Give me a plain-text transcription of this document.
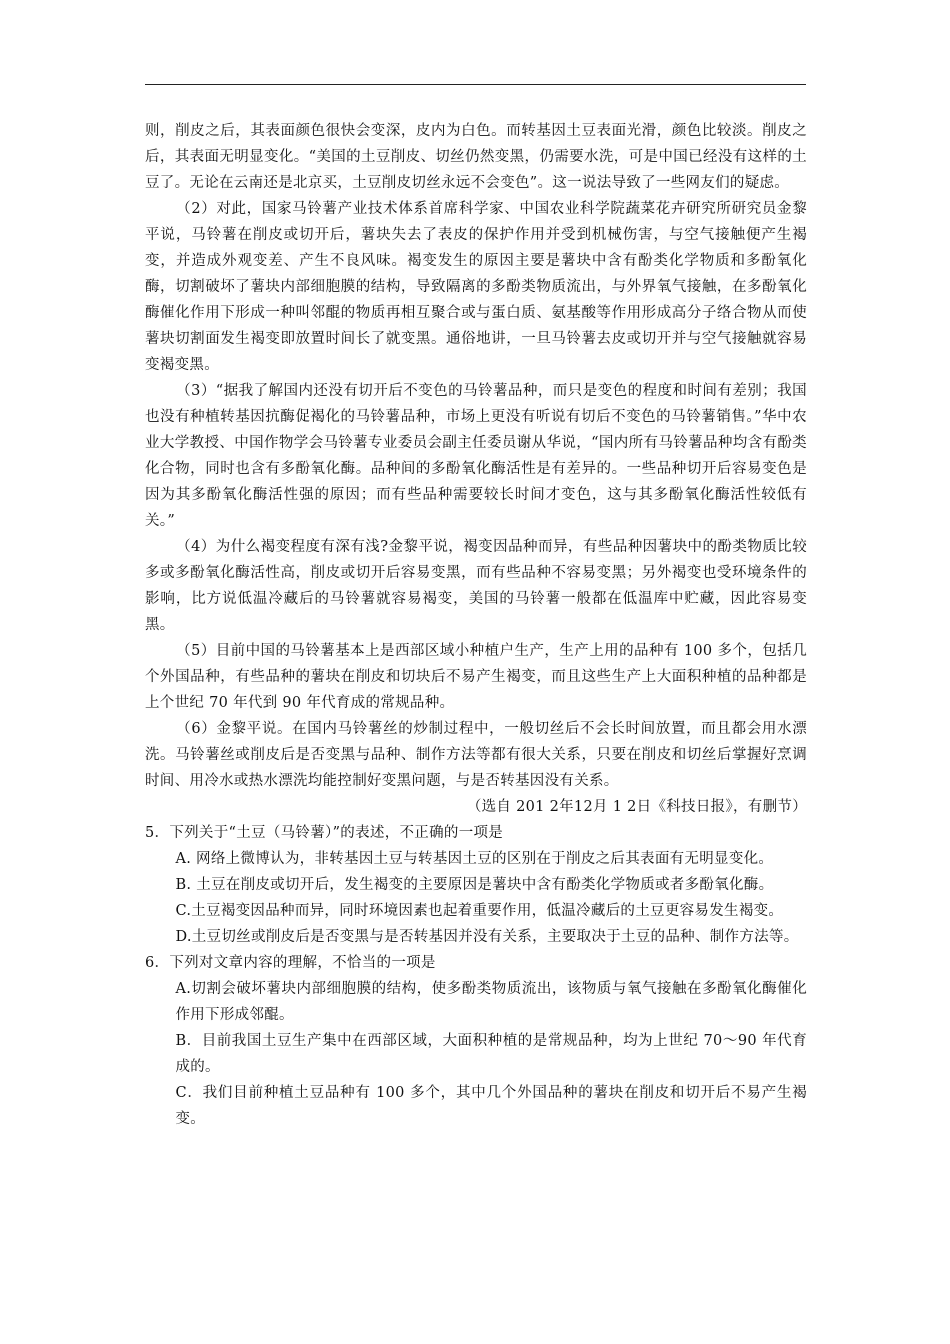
则，削皮之后，其表面颜色很快会变深，皮内为白色。而转基因土豆表面光滑，颜色比较淡。削皮之后，其表面无明显变化。“美国的土豆削皮、切丝仍然变黑，仍需要水洗，可是中国已经没有这样的土豆了。无论在云南还是北京买，土豆削皮切丝永远不会变色”。这一说法导致了一些网友们的疑虑。

（2）对此，国家马铃薯产业技术体系首席科学家、中国农业科学院蔬菜花卉研究所研究员金黎平说，马铃薯在削皮或切开后，薯块失去了表皮的保护作用并受到机械伤害，与空气接触便产生褐变，并造成外观变差、产生不良风味。褐变发生的原因主要是薯块中含有酚类化学物质和多酚氧化酶，切割破坏了薯块内部细胞膜的结构，导致隔离的多酚类物质流出，与外界氧气接触，在多酚氧化酶催化作用下形成一种叫邻醌的物质再相互聚合或与蛋白质、氨基酸等作用形成高分子络合物从而使薯块切割面发生褐变即放置时间长了就变黑。通俗地讲，一旦马铃薯去皮或切开并与空气接触就容易变褐变黑。

（3）“据我了解国内还没有切开后不变色的马铃薯品种，而只是变色的程度和时间有差别；我国也没有种植转基因抗酶促褐化的马铃薯品种，市场上更没有听说有切后不变色的马铃薯销售。”华中农业大学教授、中国作物学会马铃薯专业委员会副主任委员谢从华说，“国内所有马铃薯品种均含有酚类化合物，同时也含有多酚氧化酶。品种间的多酚氧化酶活性是有差异的。一些品种切开后容易变色是因为其多酚氧化酶活性强的原因；而有些品种需要较长时间才变色，这与其多酚氧化酶活性较低有关。”

（4）为什么褐变程度有深有浅?金黎平说，褐变因品种而异，有些品种因薯块中的酚类物质比较多或多酚氧化酶活性高，削皮或切开后容易变黑，而有些品种不容易变黑；另外褐变也受环境条件的影响，比方说低温冷藏后的马铃薯就容易褐变，美国的马铃薯一般都在低温库中贮藏，因此容易变黑。

（5）目前中国的马铃薯基本上是西部区域小种植户生产，生产上用的品种有 100 多个，包括几个外国品种，有些品种的薯块在削皮和切块后不易产生褐变，而且这些生产上大面积种植的品种都是上个世纪 70 年代到 90 年代育成的常规品种。

（6）金黎平说。在国内马铃薯丝的炒制过程中，一般切丝后不会长时间放置，而且都会用水漂洗。马铃薯丝或削皮后是否变黑与品种、制作方法等都有很大关系，只要在削皮和切丝后掌握好烹调时间、用冷水或热水漂洗均能控制好变黑问题，与是否转基因没有关系。

（选自 201 2年12月 1 2日《科技日报》，有删节）

5．下列关于“土豆（马铃薯）”的表述，不正确的一项是

A. 网络上微博认为，非转基因土豆与转基因土豆的区别在于削皮之后其表面有无明显变化。

B. 土豆在削皮或切开后，发生褐变的主要原因是薯块中含有酚类化学物质或者多酚氧化酶。

C.土豆褐变因品种而异，同时环境因素也起着重要作用，低温冷藏后的土豆更容易发生褐变。

D.土豆切丝或削皮后是否变黑与是否转基因并没有关系，主要取决于土豆的品种、制作方法等。

6．下列对文章内容的理解，不恰当的一项是

A.切割会破坏薯块内部细胞膜的结构，使多酚类物质流出，该物质与氧气接触在多酚氧化酶催化作用下形成邻醌。

B．目前我国土豆生产集中在西部区域，大面积种植的是常规品种，均为上世纪 70～90 年代育成的。

C．我们目前种植土豆品种有 100 多个，其中几个外国品种的薯块在削皮和切开后不易产生褐变。
